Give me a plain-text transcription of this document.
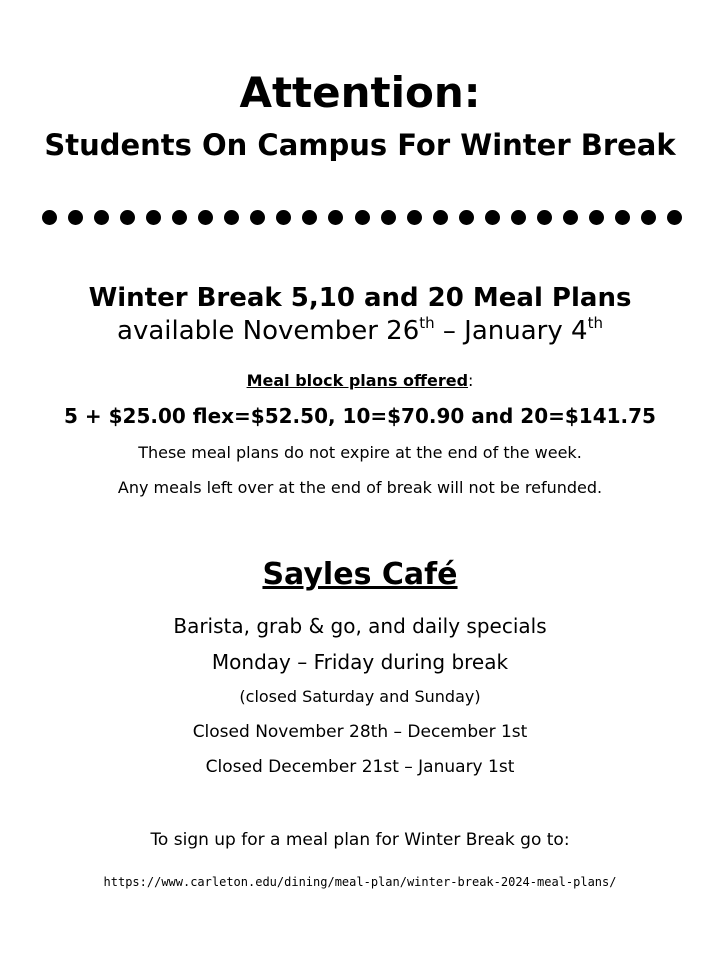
Attention:
Students On Campus For Winter Break
Winter Break 5,10 and 20 Meal Plans
available November 26th – January 4th
Meal block plans offered:
5 + $25.00 flex=$52.50, 10=$70.90 and 20=$141.75
These meal plans do not expire at the end of the week.
Any meals left over at the end of break will not be refunded.
Sayles Café
Barista, grab & go, and daily specials
Monday – Friday during break
(closed Saturday and Sunday)
Closed November 28th – December 1st
Closed December 21st – January 1st
To sign up for a meal plan for Winter Break go to:
https://www.carleton.edu/dining/meal-plan/winter-break-2024-meal-plans/
